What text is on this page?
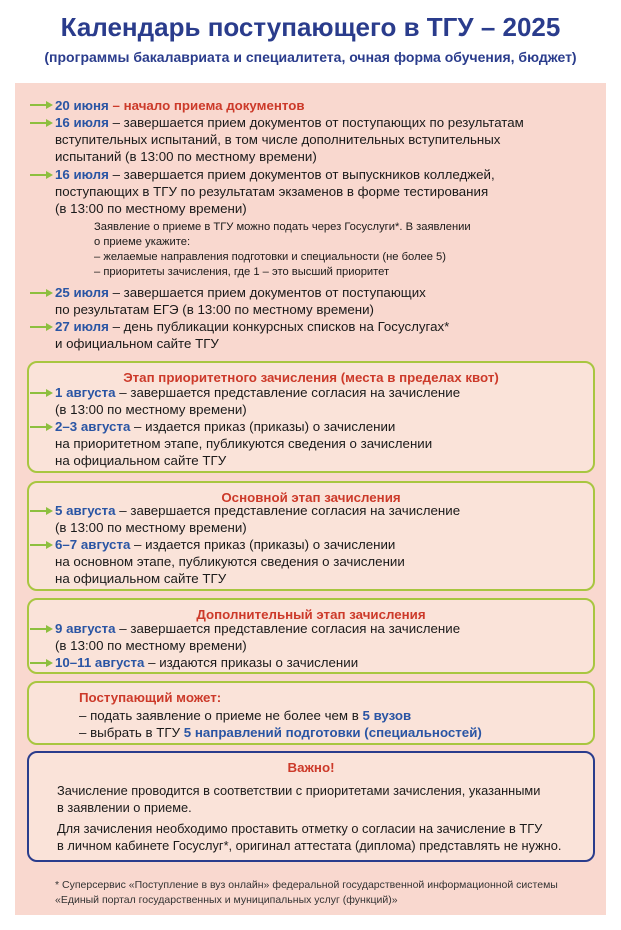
Календарь поступающего в ТГУ – 2025
(программы бакалавриата и специалитета, очная форма обучения, бюджет)
20 июня – начало приема документов
16 июля – завершается прием документов от поступающих по результатам
вступительных испытаний, в том числе дополнительных вступительных
испытаний (в 13:00 по местному времени)
16 июля – завершается прием документов от выпускников колледжей,
поступающих в ТГУ по результатам экзаменов в форме тестирования
(в 13:00 по местному времени)
Заявление о приеме в ТГУ можно подать через Госуслуги*. В заявлении
о приеме укажите:
– желаемые направления подготовки и специальности (не более 5)
– приоритеты зачисления, где 1 – это высший приоритет
25 июля – завершается прием документов от поступающих
по результатам ЕГЭ (в 13:00 по местному времени)
27 июля – день публикации конкурсных списков на Госуслугах*
и официальном сайте ТГУ
Этап приоритетного зачисления (места в пределах квот)
1 августа – завершается представление согласия на зачисление
(в 13:00 по местному времени)
2–3 августа – издается приказ (приказы) о зачислении
на приоритетном этапе, публикуются сведения о зачислении
на официальном сайте ТГУ
Основной этап зачисления
5 августа – завершается представление согласия на зачисление
(в 13:00 по местному времени)
6–7 августа – издается приказ (приказы) о зачислении
на основном этапе, публикуются сведения о зачислении
на официальном сайте ТГУ
Дополнительный этап зачисления
9 августа – завершается представление согласия на зачисление
(в 13:00 по местному времени)
10–11 августа – издаются приказы о зачислении
Поступающий может:
– подать заявление о приеме не более чем в 5 вузов
– выбрать в ТГУ 5 направлений подготовки (специальностей)
Важно!
Зачисление проводится в соответствии с приоритетами зачисления, указанными
в заявлении о приеме.
Для зачисления необходимо проставить отметку о согласии на зачисление в ТГУ
в личном кабинете Госуслуг*, оригинал аттестата (диплома) представлять не нужно.
* Суперсервис «Поступление в вуз онлайн» федеральной государственной информационной системы
«Единый портал государственных и муниципальных услуг (функций)»
